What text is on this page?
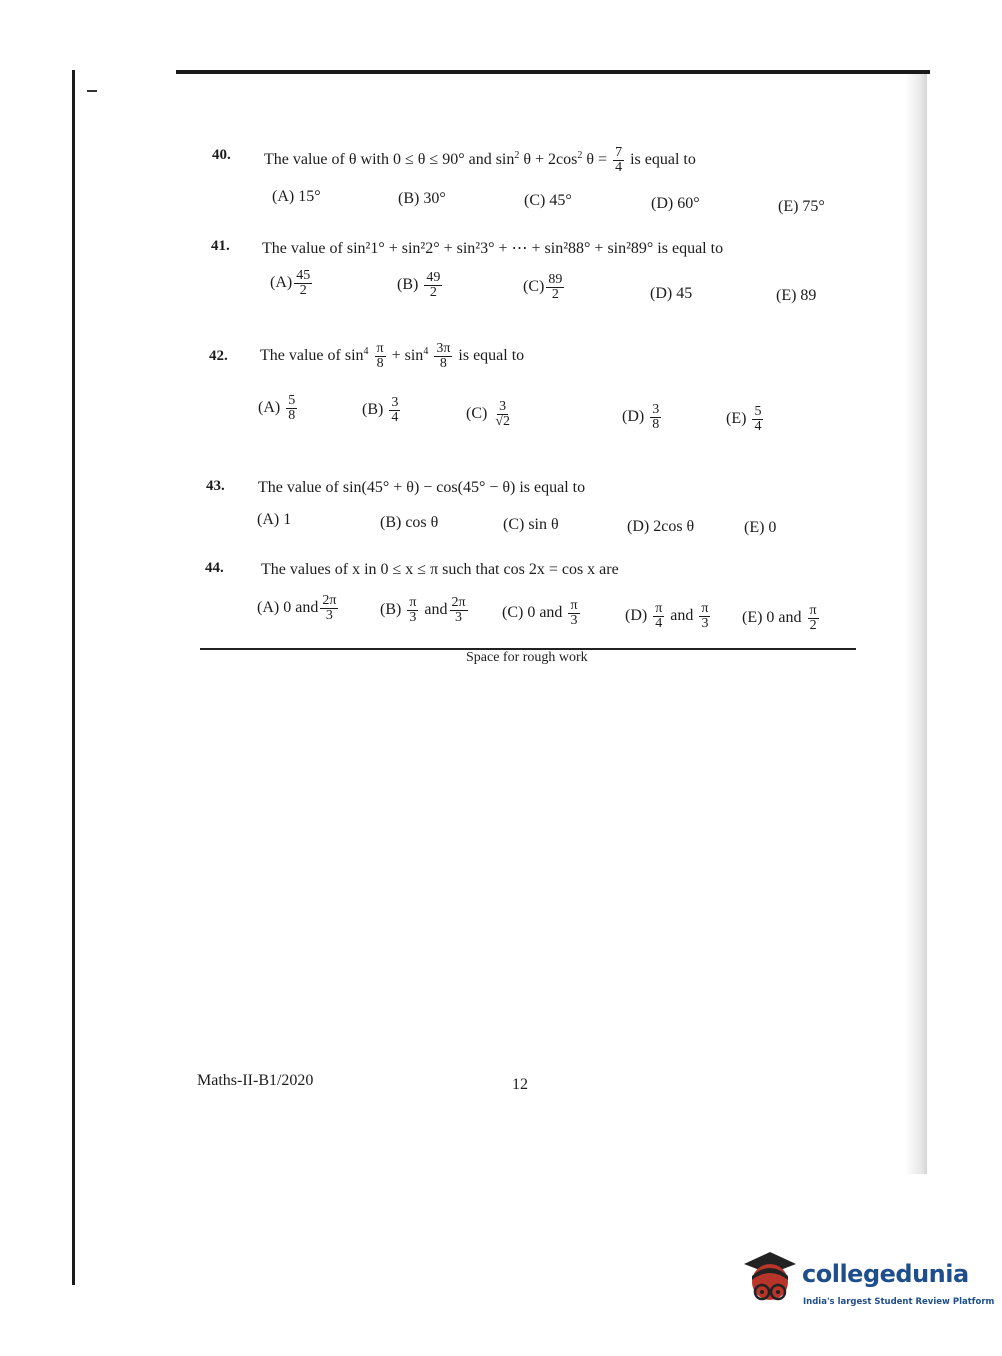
40. The value of θ with 0 ≤ θ ≤ 90° and $\sin^2 \theta + 2\cos^2$ $\theta = \frac{7}{4}$ is equal to
(A) 15°	(B) 30°	(C) 45°	(D) 60°	(E) 75°
41. The value of sin²1° + sin²2° + sin²3° + ⋯ + sin²88° + sin²89° is equal to
$(A) \frac{45}{2}$	$(B) \frac{49}{2}$	$(C) \frac{89}{2}$	(D) 45	(E) 89
42. The value of $\sin^4 \frac{\pi}{8} + \sin^4 \frac{3\pi}{8}$ is equal to
$(A) \frac{5}{8}$	$(B) \frac{3}{4}$	$(C) \frac{3}{√2}$	$(D) \frac{3}{8}$	$(E) \frac{5}{4}$
43. The value of sin(45° + θ) − cos(45° − θ) is equal to
(A) 1	(B) cos θ	(C) sin θ	(D) 2cos θ	(E) 0
44. The values of x in 0 ≤ x ≤ π such that cos 2x = cos x are
(A) 0 and $\frac{2\pi}{3}$	$(B) \frac{\pi}{3}$ and $\frac{2\pi}{3} (C)$ 0 and $\frac{\pi}{3}$	$(D) \frac{\pi}{4}$ and $\frac{\pi}{3} (E)$ 0 and $\frac{\pi}{2}$
Space for rough work
Maths-II-B1/2020	12
collegedunia
India's largest Student Review Platform
